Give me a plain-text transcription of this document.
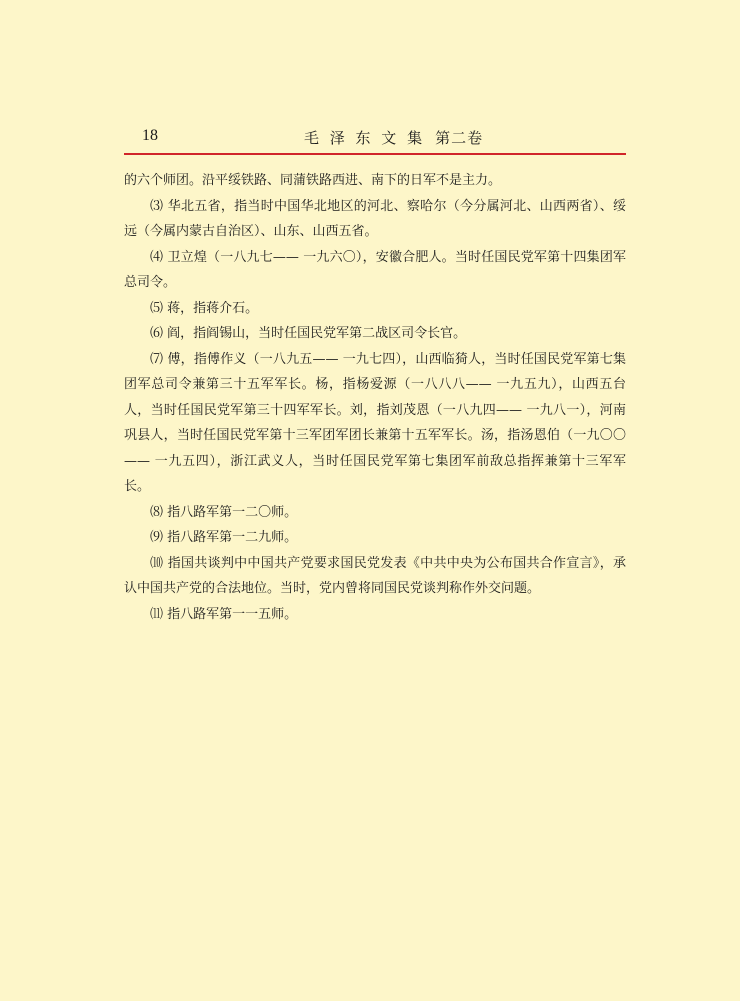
18	毛 泽 东 文 集 第二卷

的六个师团。沿平绥铁路、同蒲铁路西进、南下的日军不是主力。

⑶ 华北五省，指当时中国华北地区的河北、察哈尔（今分属河北、山西两省）、绥远（今属内蒙古自治区）、山东、山西五省。

⑷ 卫立煌（一八九七—— 一九六〇），安徽合肥人。当时任国民党军第十四集团军总司令。

⑸ 蒋，指蒋介石。

⑹ 阎，指阎锡山，当时任国民党军第二战区司令长官。

⑺ 傅，指傅作义（一八九五—— 一九七四），山西临猗人，当时任国民党军第七集团军总司令兼第三十五军军长。杨，指杨爱源（一八八八—— 一九五九），山西五台人，当时任国民党军第三十四军军长。刘，指刘茂恩（一八九四—— 一九八一），河南巩县人，当时任国民党军第十三军团军团长兼第十五军军长。汤，指汤恩伯（一九〇〇—— 一九五四），浙江武义人，当时任国民党军第七集团军前敌总指挥兼第十三军军长。

⑻ 指八路军第一二〇师。

⑼ 指八路军第一二九师。

⑽ 指国共谈判中中国共产党要求国民党发表《中共中央为公布国共合作宣言》，承认中国共产党的合法地位。当时，党内曾将同国民党谈判称作外交问题。

⑾ 指八路军第一一五师。
